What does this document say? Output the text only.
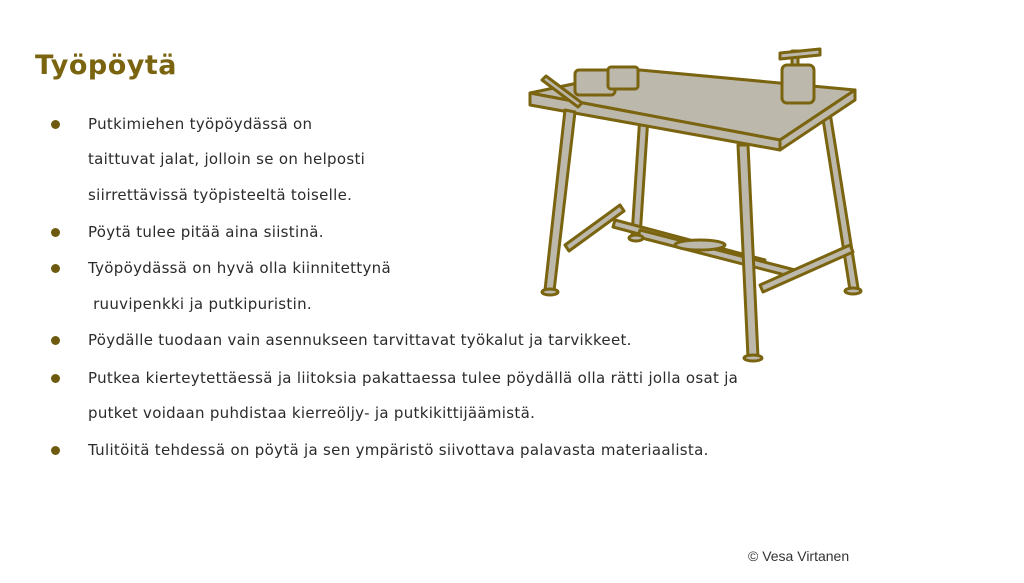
Työpöytä
Putkimiehen työpöydässä on
taittuvat jalat, jolloin se on helposti
siirrettävissä työpisteeltä toiselle.
Pöytä tulee pitää aina siistinä.
Työpöydässä on hyvä olla kiinnitettynä
ruuvipenkki ja putkipuristin.
Pöydälle tuodaan vain asennukseen tarvittavat työkalut ja tarvikkeet.
Putkea kierteytettäessä ja liitoksia pakattaessa tulee pöydällä olla rätti jolla osat ja
putket voidaan puhdistaa kierreöljy- ja putkikittijäämistä.
Tulitöitä tehdessä on pöytä ja sen ympäristö siivottava palavasta materiaalista.
© Vesa Virtanen
